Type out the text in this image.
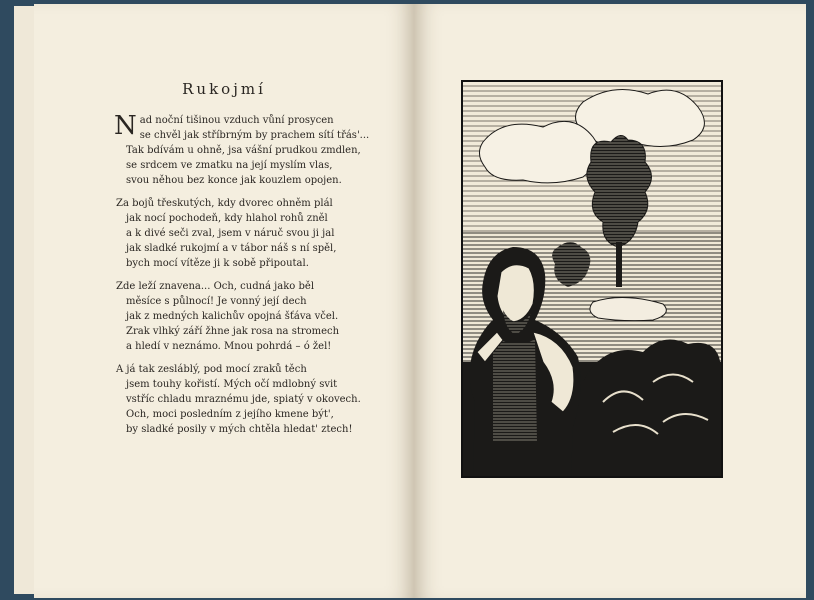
Rukojmí
N ad noční tišinou vzduch vůní prosycen
se chvěl jak stříbrným by prachem sítí třás'...
Tak bdívám u ohně, jsa vášní prudkou zmdlen,
se srdcem ve zmatku na její myslím vlas,
svou něhou bez konce jak kouzlem opojen.
Za bojů třeskutých, kdy dvorec ohněm plál
jak nocí pochodeň, kdy hlahol rohů zněl
a k divé seči zval, jsem v náruč svou ji jal
jak sladké rukojmí a v tábor náš s ní spěl,
bych mocí vítěze ji k sobě připoutal.
Zde leží znavena... Och, cudná jako běl
měsíce s půlnocí! Je vonný její dech
jak z medných kalichův opojná šťáva včel.
Zrak vlhký září žhne jak rosa na stromech
a hledí v neznámo. Mnou pohrdá – ó žel!
A já tak zesláblý, pod mocí zraků těch
jsem touhy kořistí. Mých očí mdlobný svit
vstříc chladu mraznému jde, spiatý v okovech.
Och, moci posledním z jejího kmene být',
by sladké posily v mých chtěla hledat' ztech!
